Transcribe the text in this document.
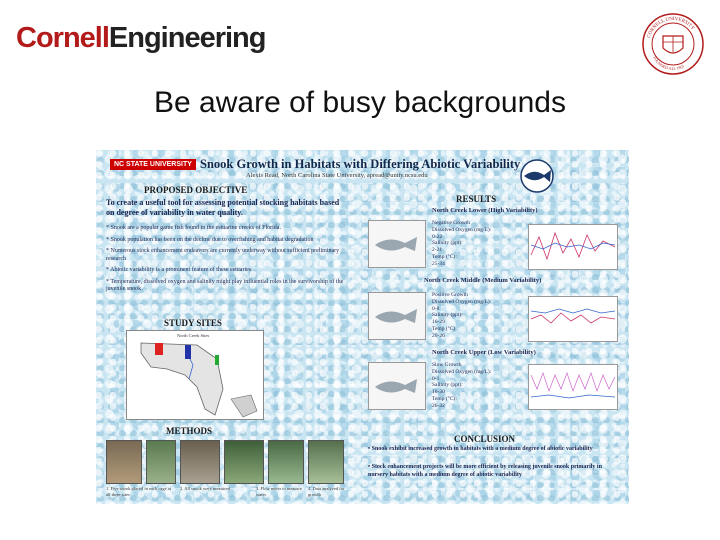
CornellEngineering	CORNELL UNIVERSITY
FOUNDED A.D. 1865
Be aware of busy backgrounds
NC STATE UNIVERSITY Snook Growth in Habitats with Differing Abiotic Variability
Alexis Read, North Carolina State University, apread@unity.ncsu.edu
PROPOSED OBJECTIVE
To create a useful tool for assessing potential stocking habitats based on degree of variability in water quality.
* Snook are a popular game fish found in the estuarine creeks of Florida.
* Snook population has been on the decline due to overfishing and habitat degradation
* Numerous stock enhancement endeavors are currently underway without sufficient preliminary research
* Abiotic variability is a prominent feature of these estuaries
* Temperature, dissolved oxygen and salinity might play influential roles in the survivorship of the juvenile snook
STUDY SITES
North Creek Sites
METHODS
1. Five snook placed in each cage at all three sites
2. All snook were measured	3. Flow meter to measure water
4. Data analyzed for growth
RESULTS
North Creek Lower (High Variability)
Negative Growth
Dissolved Oxygen (mg/L):
0-22
Salinity (ppt):
2-21
Temp (°C):
25-34
North Creek Middle (Medium Variability)
Positive Growth
Dissolved Oxygen (mg/L):
0-8
Salinity (ppt):
16-29
Temp (°C):
20-26
North Creek Upper (Low Variability)
Slow Growth
Dissolved Oxygen (mg/L):
0-1
Salinity (ppt):
16-30
Temp (°C):
26-32
CONCLUSION
• Snook exhibit increased growth in habitats with a medium degree of abiotic variability
• Stock enhancement projects will be more efficient by releasing juvenile snook primarily in nursery habitats with a medium degree of abiotic variability
